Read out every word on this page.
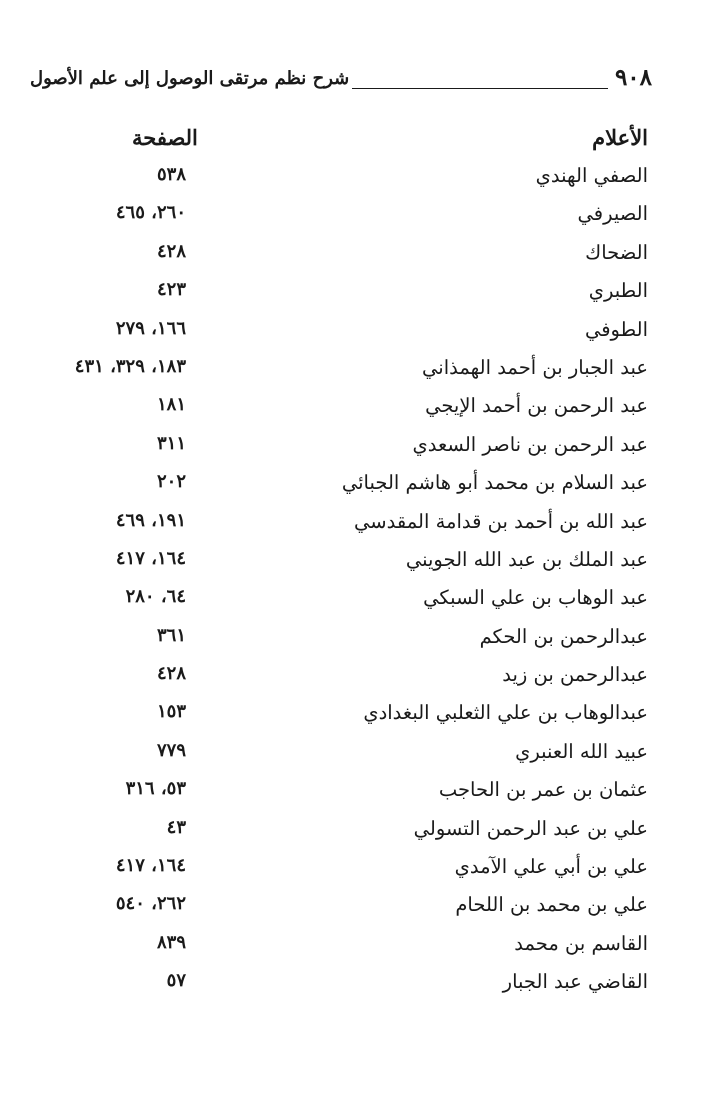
٩٠٨
شرح نظم مرتقى الوصول إلى علم الأصول
الأعلام
الصفحة
الصفي الهندي
٥٣٨
الصيرفي
٢٦٠، ٤٦٥
الضحاك
٤٢٨
الطبري
٤٢٣
الطوفي
١٦٦، ٢٧٩
عبد الجبار بن أحمد الهمذاني
١٨٣، ٣٢٩، ٤٣١
عبد الرحمن بن أحمد الإيجي
١٨١
عبد الرحمن بن ناصر السعدي
٣١١
عبد السلام بن محمد أبو هاشم الجبائي
٢٠٢
عبد الله بن أحمد بن قدامة المقدسي
١٩١، ٤٦٩
عبد الملك بن عبد الله الجويني
١٦٤، ٤١٧
عبد الوهاب بن علي السبكي
٦٤، ٢٨٠
عبدالرحمن بن الحكم
٣٦١
عبدالرحمن بن زيد
٤٢٨
عبدالوهاب بن علي الثعلبي البغدادي
١٥٣
عبيد الله العنبري
٧٧٩
عثمان بن عمر بن الحاجب
٥٣، ٣١٦
علي بن عبد الرحمن التسولي
٤٣
علي بن أبي علي الآمدي
١٦٤، ٤١٧
علي بن محمد بن اللحام
٢٦٢، ٥٤٠
القاسم بن محمد
٨٣٩
القاضي عبد الجبار
٥٧
